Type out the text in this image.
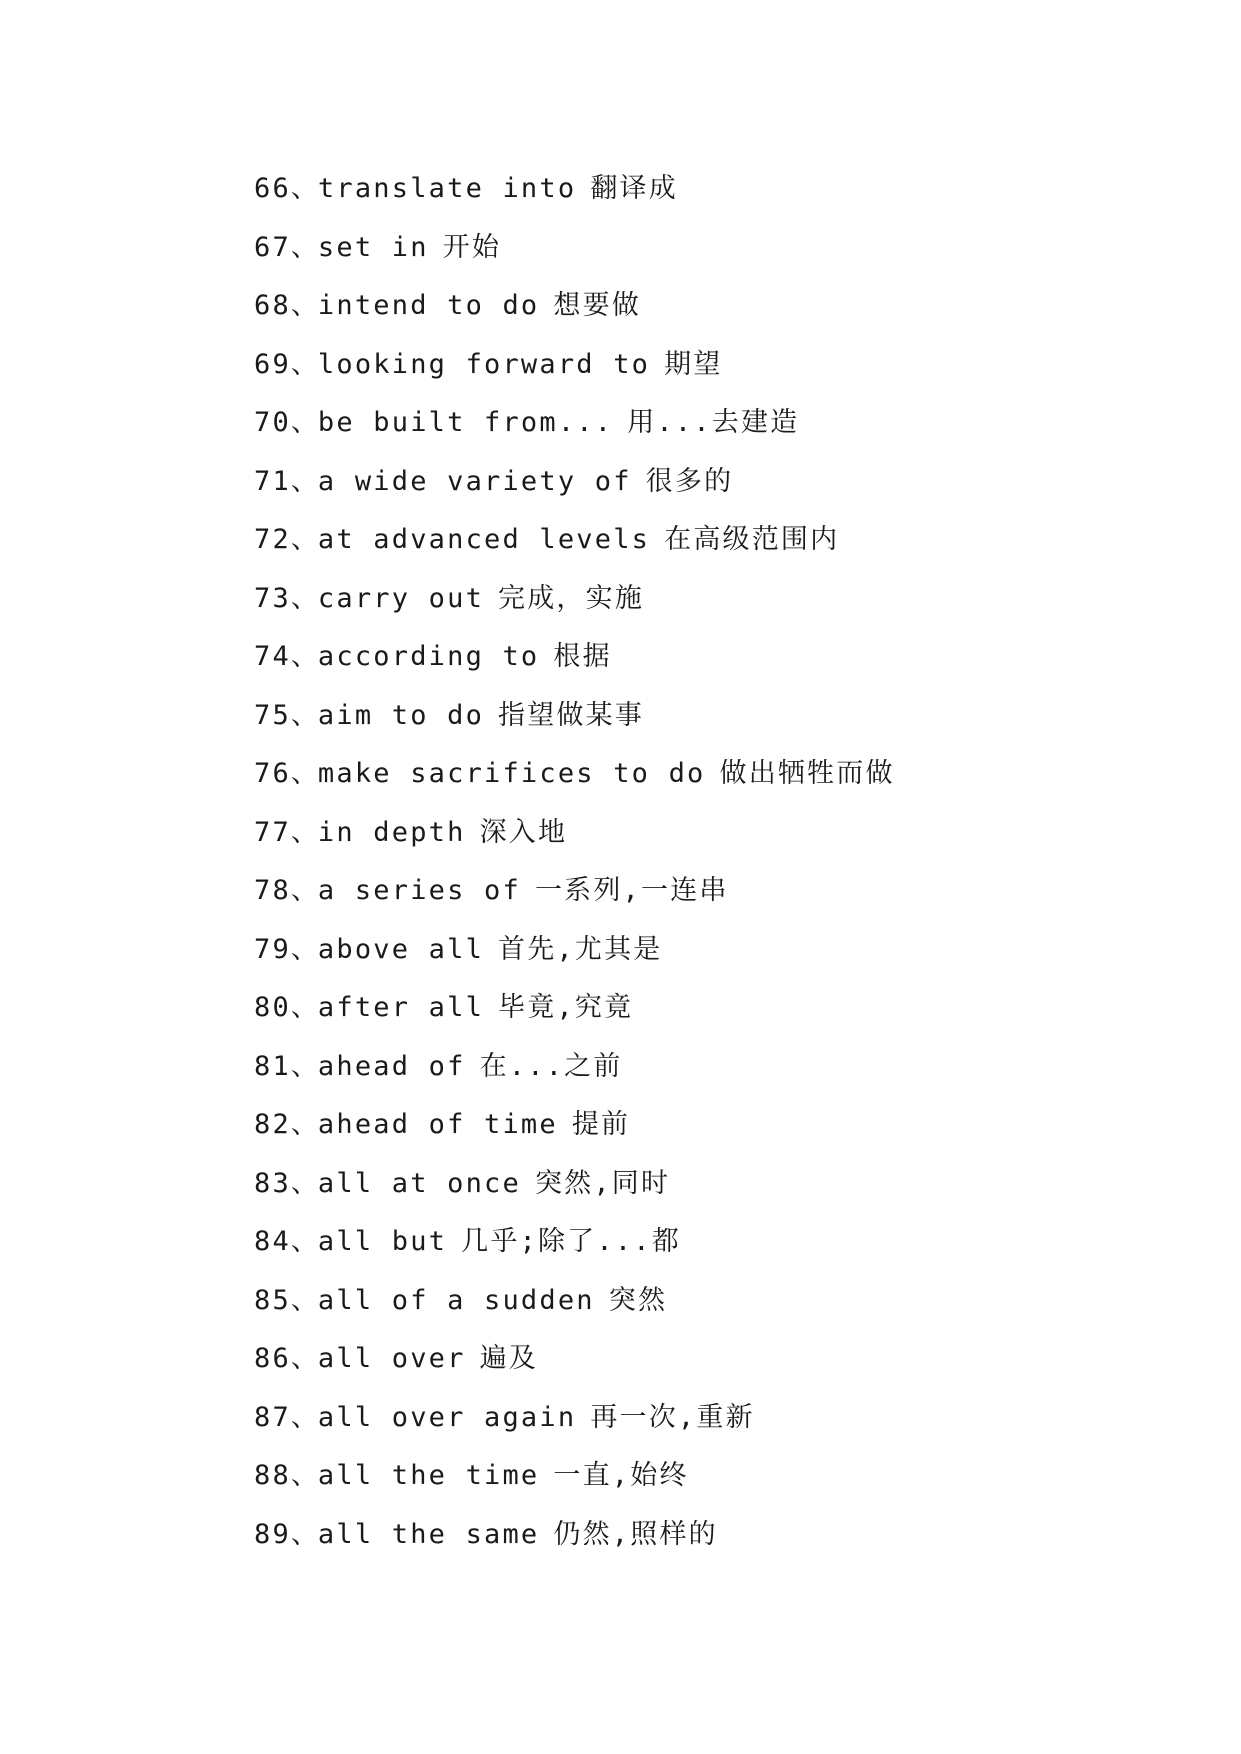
66、translate into 翻译成
67、set in 开始
68、intend to do 想要做
69、looking forward to 期望
70、be built from... 用...去建造
71、a wide variety of 很多的
72、at advanced levels 在高级范围内
73、carry out 完成，实施
74、according to 根据
75、aim to do 指望做某事
76、make sacrifices to do 做出牺牲而做
77、in depth 深入地
78、a series of 一系列,一连串
79、above all 首先,尤其是
80、after all 毕竟,究竟
81、ahead of 在...之前
82、ahead of time 提前
83、all at once 突然,同时
84、all but 几乎;除了...都
85、all of a sudden 突然
86、all over 遍及
87、all over again 再一次,重新
88、all the time 一直,始终
89、all the same 仍然,照样的
